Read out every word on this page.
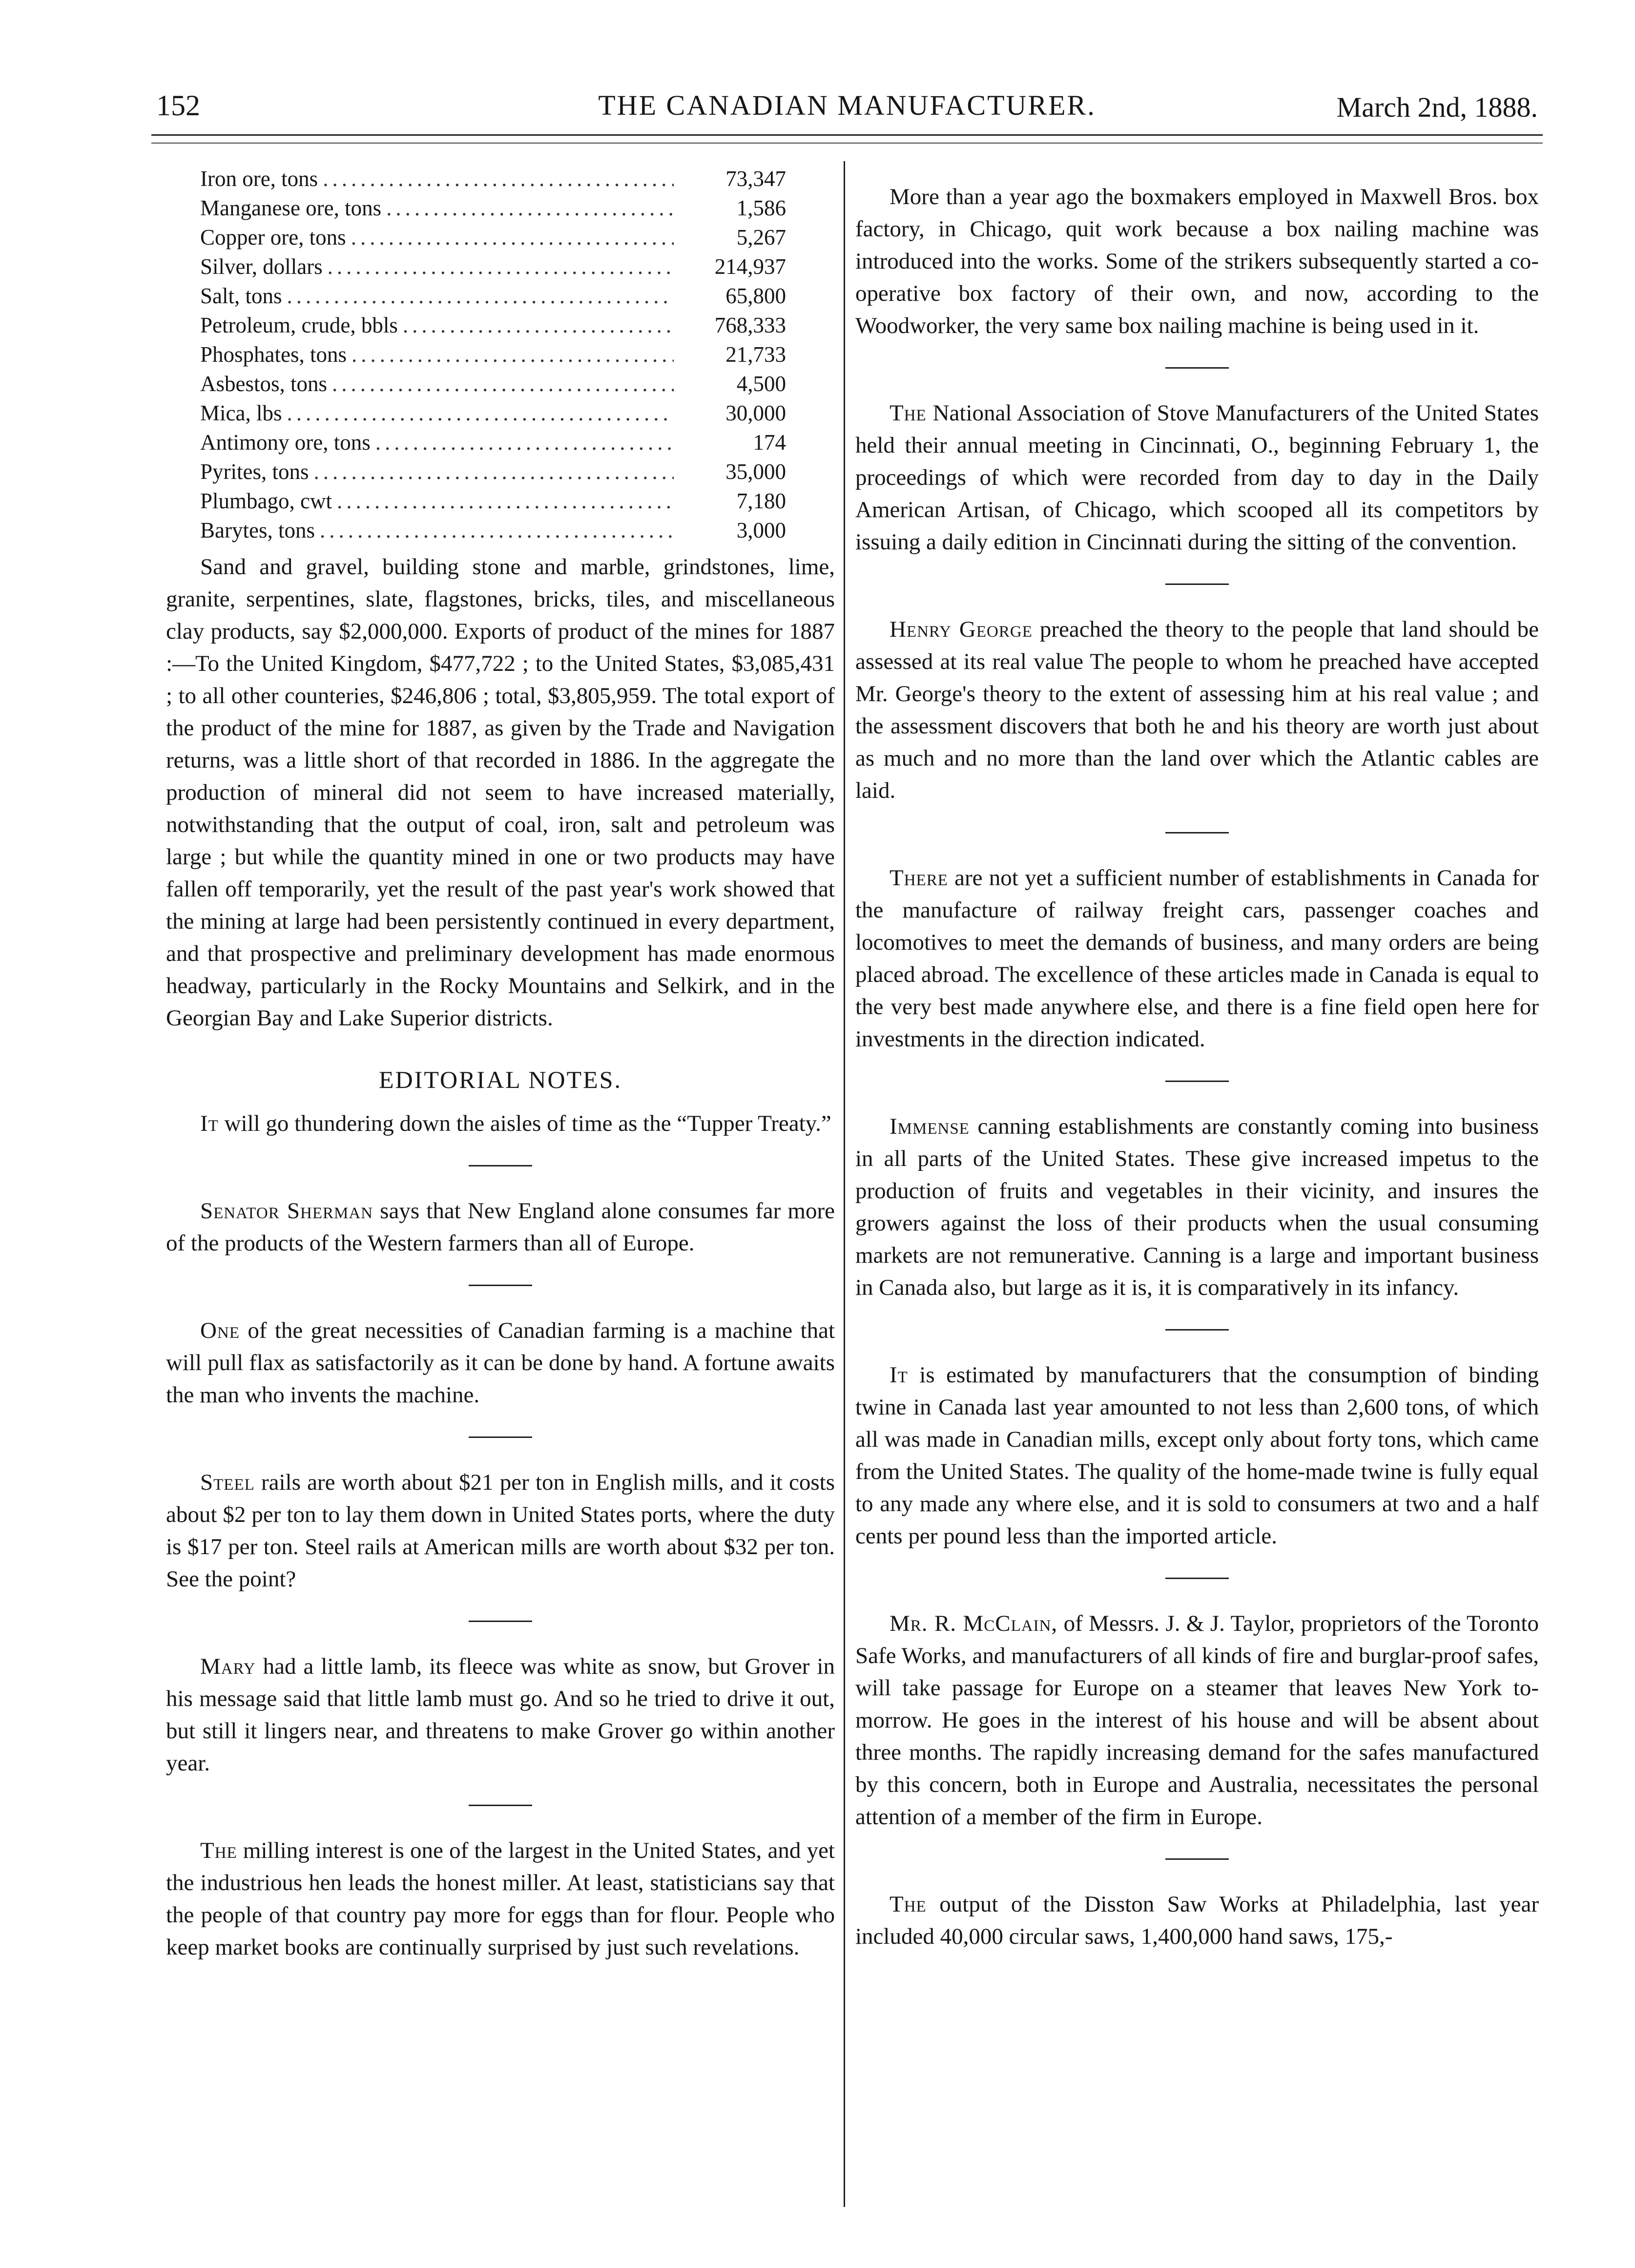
152	THE CANADIAN MANUFACTURER.	March 2nd, 1888.
Iron ore, tons .....	73,347
Manganese ore, tons .....	1,586
Copper ore, tons .....	5,267
Silver, dollars .....	214,937
Salt, tons .....	65,800
Petroleum, crude, bbls .....	768,333
Phosphates, tons .....	21,733
Asbestos, tons .....	4,500
Mica, lbs .....	30,000
Antimony ore, tons .....	174
Pyrites, tons .....	35,000
Plumbago, cwt .....	7,180
Barytes, tons .....	3,000

Sand and gravel, building stone and marble, grindstones, lime, granite, serpentines, slate, flagstones, bricks, tiles, and miscellaneous clay products, say $2,000,000. Exports of product of the mines for 1887 :—To the United Kingdom, $477,722 ; to the United States, $3,085,431 ; to all other counteries, $246,806 ; total, $3,805,959. The total export of the product of the mine for 1887, as given by the Trade and Navigation returns, was a little short of that recorded in 1886. In the aggregate the production of mineral did not seem to have increased materially, notwithstanding that the output of coal, iron, salt and petroleum was large ; but while the quantity mined in one or two products may have fallen off temporarily, yet the result of the past year's work showed that the mining at large had been persistently continued in every department, and that prospective and preliminary development has made enormous headway, particularly in the Rocky Mountains and Selkirk, and in the Georgian Bay and Lake Superior districts.

EDITORIAL NOTES.

It will go thundering down the aisles of time as the “Tupper Treaty.”

Senator Sherman says that New England alone consumes far more of the products of the Western farmers than all of Europe.

One of the great necessities of Canadian farming is a machine that will pull flax as satisfactorily as it can be done by hand. A fortune awaits the man who invents the machine.

Steel rails are worth about $21 per ton in English mills, and it costs about $2 per ton to lay them down in United States ports, where the duty is $17 per ton. Steel rails at American mills are worth about $32 per ton. See the point?

Mary had a little lamb, its fleece was white as snow, but Grover in his message said that little lamb must go. And so he tried to drive it out, but still it lingers near, and threatens to make Grover go within another year.

The milling interest is one of the largest in the United States, and yet the industrious hen leads the honest miller. At least, statisticians say that the people of that country pay more for eggs than for flour. People who keep market books are continually surprised by just such revelations.

More than a year ago the boxmakers employed in Maxwell Bros. box factory, in Chicago, quit work because a box nailing machine was introduced into the works. Some of the strikers subsequently started a co-operative box factory of their own, and now, according to the Woodworker, the very same box nailing machine is being used in it.

The National Association of Stove Manufacturers of the United States held their annual meeting in Cincinnati, O., beginning February 1, the proceedings of which were recorded from day to day in the Daily American Artisan, of Chicago, which scooped all its competitors by issuing a daily edition in Cincinnati during the sitting of the convention.

Henry George preached the theory to the people that land should be assessed at its real value The people to whom he preached have accepted Mr. George's theory to the extent of assessing him at his real value ; and the assessment discovers that both he and his theory are worth just about as much and no more than the land over which the Atlantic cables are laid.

There are not yet a sufficient number of establishments in Canada for the manufacture of railway freight cars, passenger coaches and locomotives to meet the demands of business, and many orders are being placed abroad. The excellence of these articles made in Canada is equal to the very best made anywhere else, and there is a fine field open here for investments in the direction indicated.

Immense canning establishments are constantly coming into business in all parts of the United States. These give increased impetus to the production of fruits and vegetables in their vicinity, and insures the growers against the loss of their products when the usual consuming markets are not remunerative. Canning is a large and important business in Canada also, but large as it is, it is comparatively in its infancy.

It is estimated by manufacturers that the consumption of binding twine in Canada last year amounted to not less than 2,600 tons, of which all was made in Canadian mills, except only about forty tons, which came from the United States. The quality of the home-made twine is fully equal to any made any where else, and it is sold to consumers at two and a half cents per pound less than the imported article.

Mr. R. McClain, of Messrs. J. & J. Taylor, proprietors of the Toronto Safe Works, and manufacturers of all kinds of fire and burglar-proof safes, will take passage for Europe on a steamer that leaves New York to-morrow. He goes in the interest of his house and will be absent about three months. The rapidly increasing demand for the safes manufactured by this concern, both in Europe and Australia, necessitates the personal attention of a member of the firm in Europe.

The output of the Disston Saw Works at Philadelphia, last year included 40,000 circular saws, 1,400,000 hand saws, 175,-
